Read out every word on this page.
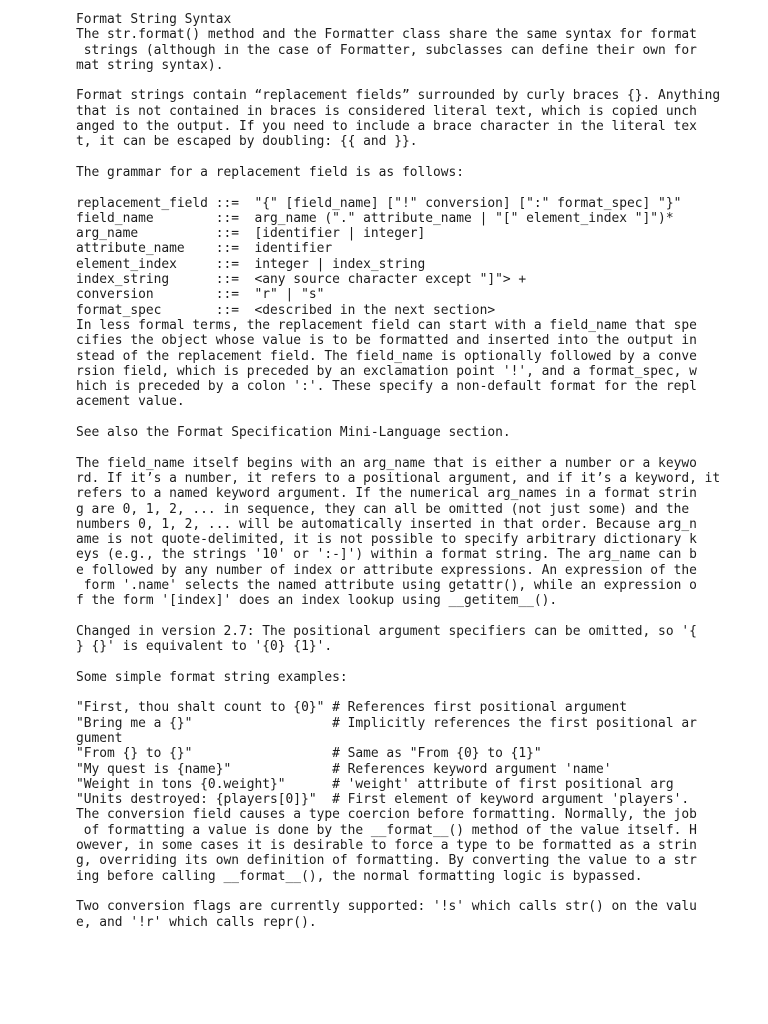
Format String Syntax
The str.format() method and the Formatter class share the same syntax for format
strings (although in the case of Formatter, subclasses can define their own for
mat string syntax).
Format strings contain “replacement fields” surrounded by curly braces {}. Anything
that is not contained in braces is considered literal text, which is copied unch
anged to the output. If you need to include a brace character in the literal tex
t, it can be escaped by doubling: {{ and }}.
The grammar for a replacement field is as follows:
replacement_field ::=  "{" [field_name] ["!" conversion] [":" format_spec] "}"
field_name        ::=  arg_name ("." attribute_name | "[" element_index "]")*
arg_name          ::=  [identifier | integer]
attribute_name    ::=  identifier
element_index     ::=  integer | index_string
index_string      ::=  <any source character except "]"> +
conversion        ::=  "r" | "s"
format_spec       ::=  <described in the next section>
In less formal terms, the replacement field can start with a field_name that spe
cifies the object whose value is to be formatted and inserted into the output in
stead of the replacement field. The field_name is optionally followed by a conve
rsion field, which is preceded by an exclamation point '!', and a format_spec, w
hich is preceded by a colon ':'. These specify a non-default format for the repl
acement value.
See also the Format Specification Mini-Language section.
The field_name itself begins with an arg_name that is either a number or a keywo
rd. If it’s a number, it refers to a positional argument, and if it’s a keyword, it
refers to a named keyword argument. If the numerical arg_names in a format strin
g are 0, 1, 2, ... in sequence, they can all be omitted (not just some) and the
numbers 0, 1, 2, ... will be automatically inserted in that order. Because arg_n
ame is not quote-delimited, it is not possible to specify arbitrary dictionary k
eys (e.g., the strings '10' or ':-]') within a format string. The arg_name can b
e followed by any number of index or attribute expressions. An expression of the
form '.name' selects the named attribute using getattr(), while an expression o
f the form '[index]' does an index lookup using __getitem__().
Changed in version 2.7: The positional argument specifiers can be omitted, so '{
} {}' is equivalent to '{0} {1}'.
Some simple format string examples:
"First, thou shalt count to {0}" # References first positional argument
"Bring me a {}"                  # Implicitly references the first positional ar
gument
"From {} to {}"                  # Same as "From {0} to {1}"
"My quest is {name}"             # References keyword argument 'name'
"Weight in tons {0.weight}"      # 'weight' attribute of first positional arg
"Units destroyed: {players[0]}"  # First element of keyword argument 'players'.
The conversion field causes a type coercion before formatting. Normally, the job
of formatting a value is done by the __format__() method of the value itself. H
owever, in some cases it is desirable to force a type to be formatted as a strin
g, overriding its own definition of formatting. By converting the value to a str
ing before calling __format__(), the normal formatting logic is bypassed.
Two conversion flags are currently supported: '!s' which calls str() on the valu
e, and '!r' which calls repr().
